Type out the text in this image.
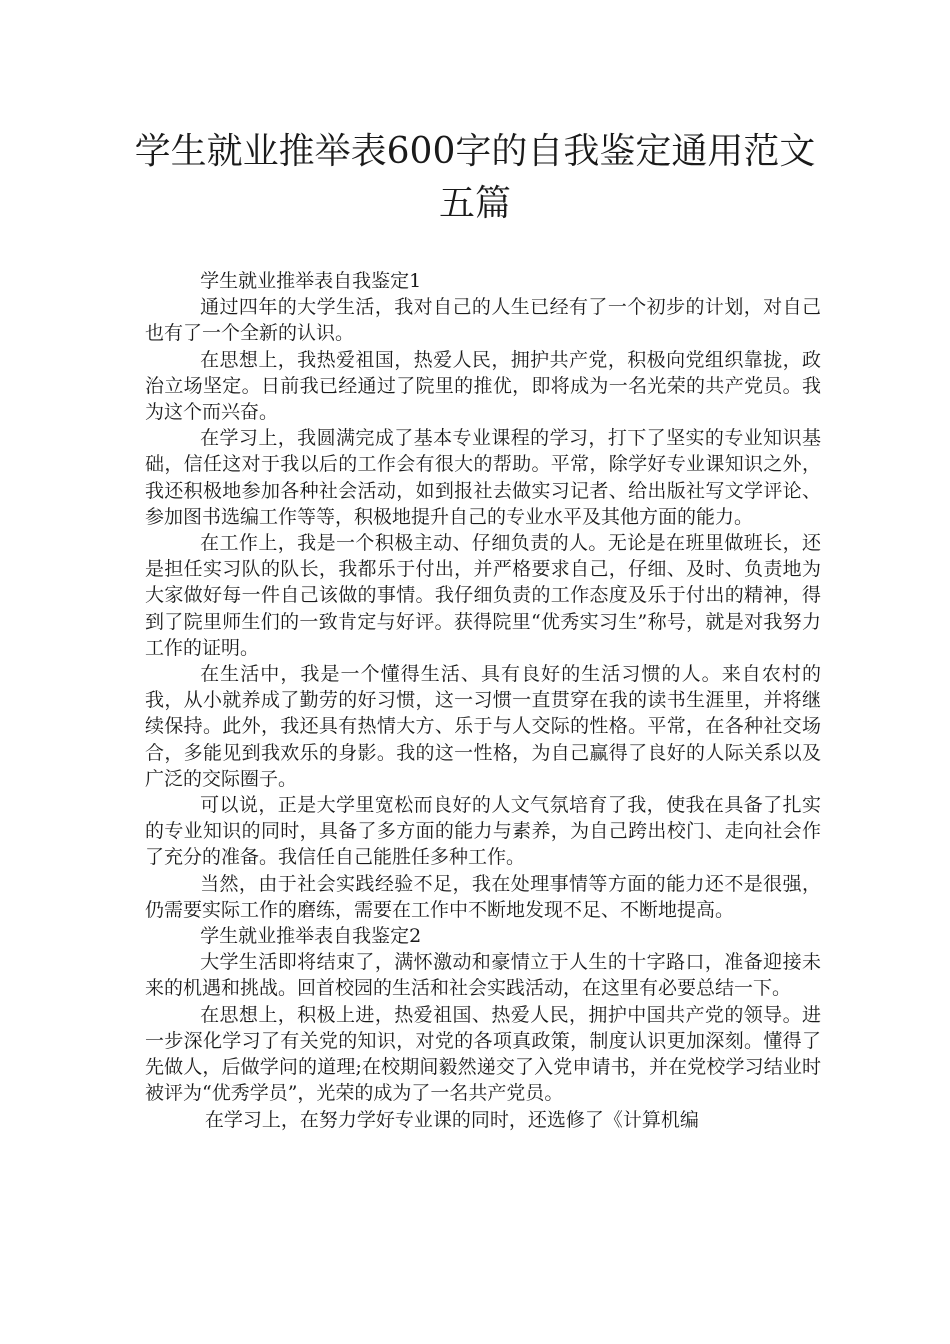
学生就业推举表600字的自我鉴定通用范文五篇

学生就业推举表自我鉴定1

通过四年的大学生活，我对自己的人生已经有了一个初步的计划，对自己也有了一个全新的认识。

在思想上，我热爱祖国，热爱人民，拥护共产党，积极向党组织靠拢，政治立场坚定。日前我已经通过了院里的推优，即将成为一名光荣的共产党员。我为这个而兴奋。

在学习上，我圆满完成了基本专业课程的学习，打下了坚实的专业知识基础，信任这对于我以后的工作会有很大的帮助。平常，除学好专业课知识之外，我还积极地参加各种社会活动，如到报社去做实习记者、给出版社写文学评论、参加图书选编工作等等，积极地提升自己的专业水平及其他方面的能力。

在工作上，我是一个积极主动、仔细负责的人。无论是在班里做班长，还是担任实习队的队长，我都乐于付出，并严格要求自己，仔细、及时、负责地为大家做好每一件自己该做的事情。我仔细负责的工作态度及乐于付出的精神，得到了院里师生们的一致肯定与好评。获得院里“优秀实习生”称号，就是对我努力工作的证明。

在生活中，我是一个懂得生活、具有良好的生活习惯的人。来自农村的我，从小就养成了勤劳的好习惯，这一习惯一直贯穿在我的读书生涯里，并将继续保持。此外，我还具有热情大方、乐于与人交际的性格。平常，在各种社交场合，多能见到我欢乐的身影。我的这一性格，为自己赢得了良好的人际关系以及广泛的交际圈子。

可以说，正是大学里宽松而良好的人文气氛培育了我，使我在具备了扎实的专业知识的同时，具备了多方面的能力与素养，为自己跨出校门、走向社会作了充分的准备。我信任自己能胜任多种工作。

当然，由于社会实践经验不足，我在处理事情等方面的能力还不是很强，仍需要实际工作的磨练，需要在工作中不断地发现不足、不断地提高。

学生就业推举表自我鉴定2

大学生活即将结束了，满怀激动和豪情立于人生的十字路口，准备迎接未来的机遇和挑战。回首校园的生活和社会实践活动，在这里有必要总结一下。

在思想上，积极上进，热爱祖国、热爱人民，拥护中国共产党的领导。进一步深化学习了有关党的知识，对党的各项真政策，制度认识更加深刻。懂得了先做人，后做学问的道理;在校期间毅然递交了入党申请书，并在党校学习结业时被评为“优秀学员”，光荣的成为了一名共产党员。

在学习上，在努力学好专业课的同时，还选修了《计算机编
